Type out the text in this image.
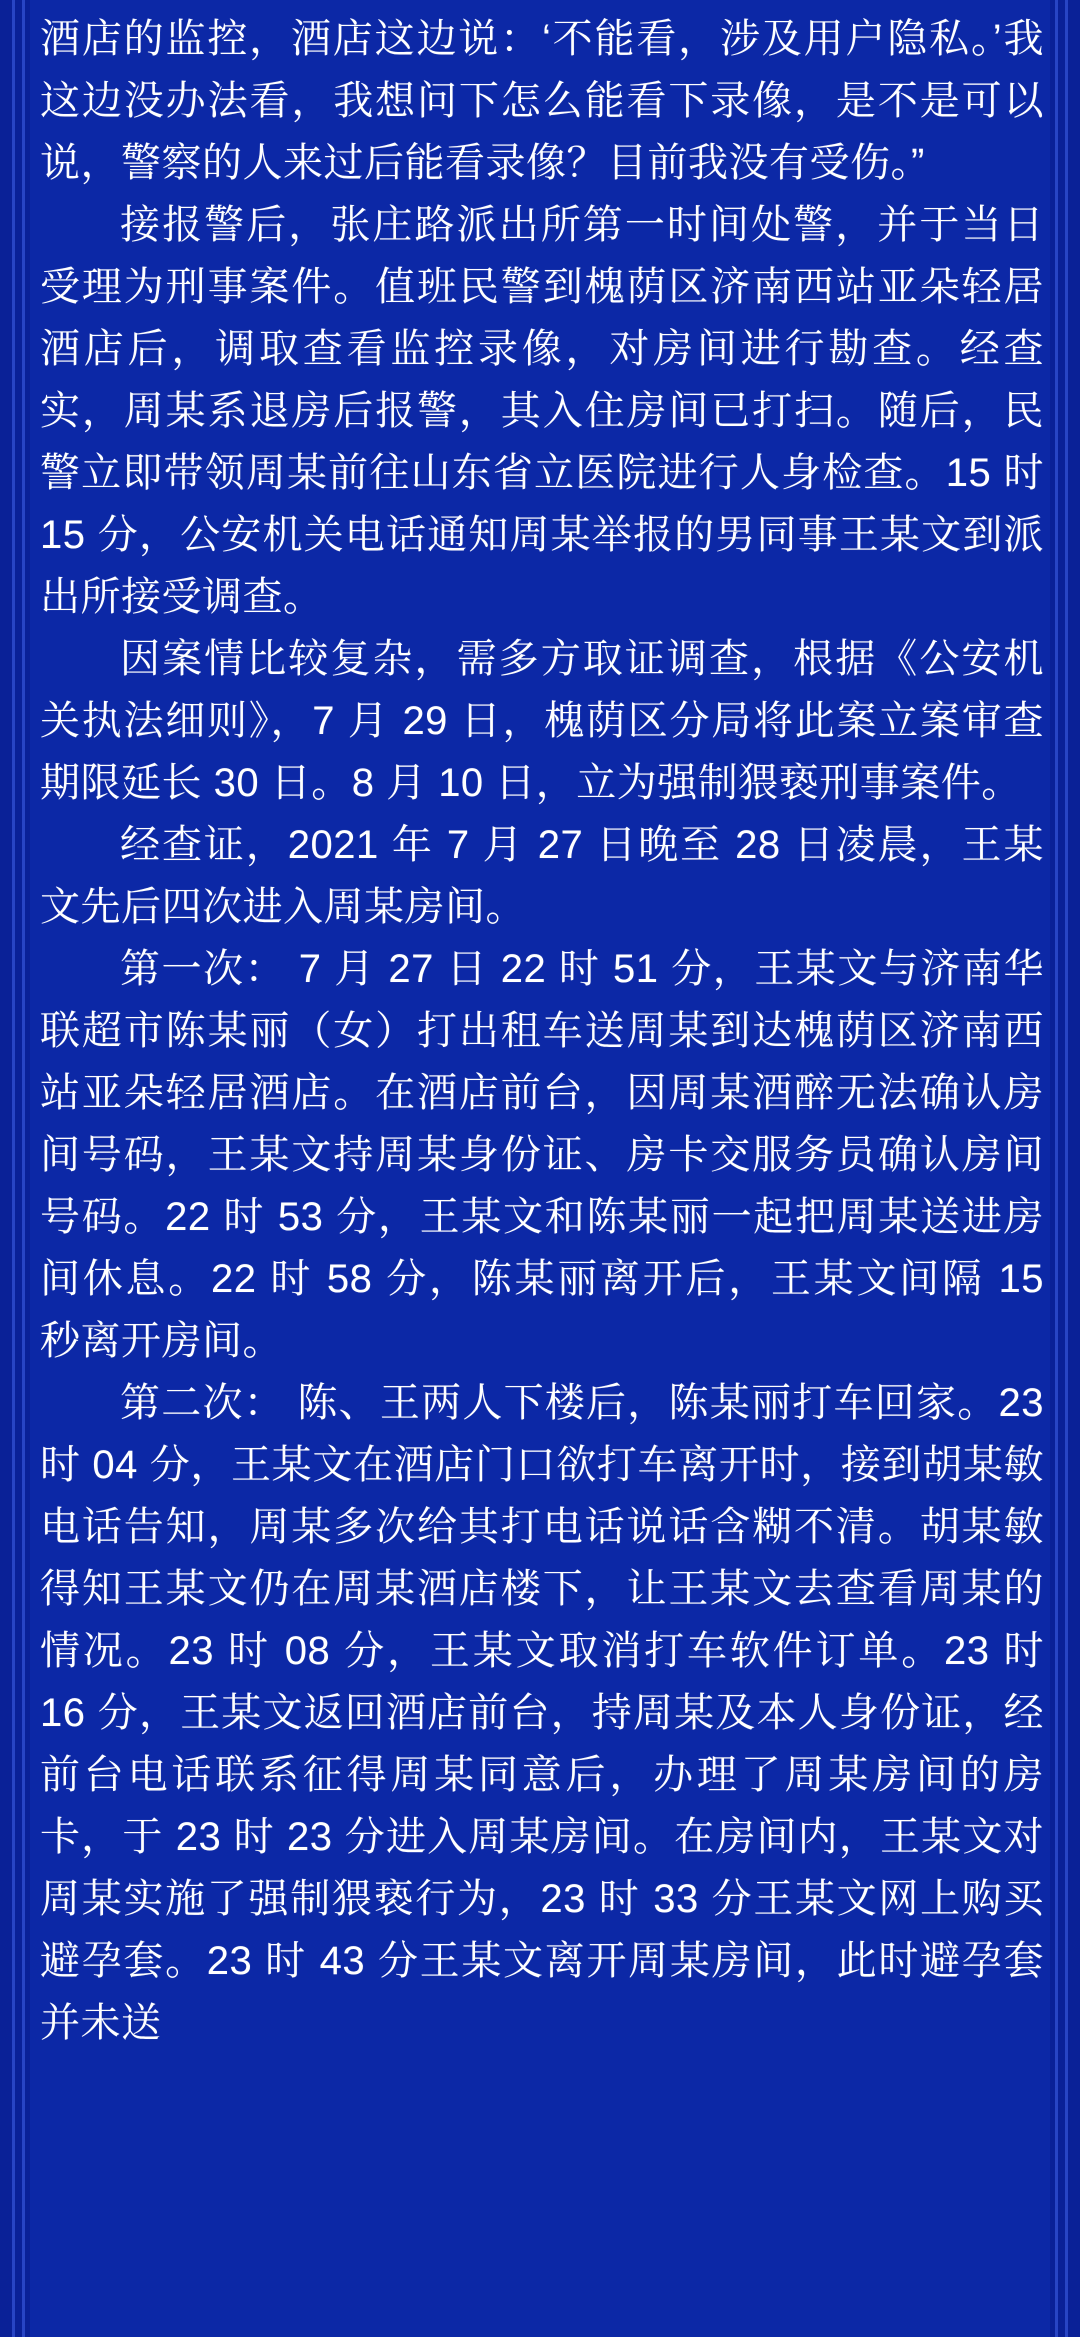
酒店的监控，酒店这边说：‘不能看，涉及用户隐私。’我这边没办法看，我想问下怎么能看下录像，是不是可以说，警察的人来过后能看录像？目前我没有受伤。”

接报警后，张庄路派出所第一时间处警，并于当日受理为刑事案件。值班民警到槐荫区济南西站亚朵轻居酒店后，调取查看监控录像，对房间进行勘查。经查实，周某系退房后报警，其入住房间已打扫。随后，民警立即带领周某前往山东省立医院进行人身检查。15 时 15 分，公安机关电话通知周某举报的男同事王某文到派出所接受调查。

因案情比较复杂，需多方取证调查，根据《公安机关执法细则》，7 月 29 日，槐荫区分局将此案立案审查期限延长 30 日。8 月 10 日，立为强制猥亵刑事案件。

经查证，2021 年 7 月 27 日晚至 28 日凌晨，王某文先后四次进入周某房间。

第一次： 7 月 27 日 22 时 51 分，王某文与济南华联超市陈某丽（女）打出租车送周某到达槐荫区济南西站亚朵轻居酒店。在酒店前台，因周某酒醉无法确认房间号码，王某文持周某身份证、房卡交服务员确认房间号码。22 时 53 分，王某文和陈某丽一起把周某送进房间休息。22 时 58 分，陈某丽离开后，王某文间隔 15 秒离开房间。

第二次： 陈、王两人下楼后，陈某丽打车回家。23 时 04 分，王某文在酒店门口欲打车离开时，接到胡某敏电话告知，周某多次给其打电话说话含糊不清。胡某敏得知王某文仍在周某酒店楼下，让王某文去查看周某的情况。23 时 08 分，王某文取消打车软件订单。23 时 16 分，王某文返回酒店前台，持周某及本人身份证，经前台电话联系征得周某同意后，办理了周某房间的房卡，于 23 时 23 分进入周某房间。在房间内，王某文对周某实施了强制猥亵行为，23 时 33 分王某文网上购买避孕套。23 时 43 分王某文离开周某房间，此时避孕套并未送
